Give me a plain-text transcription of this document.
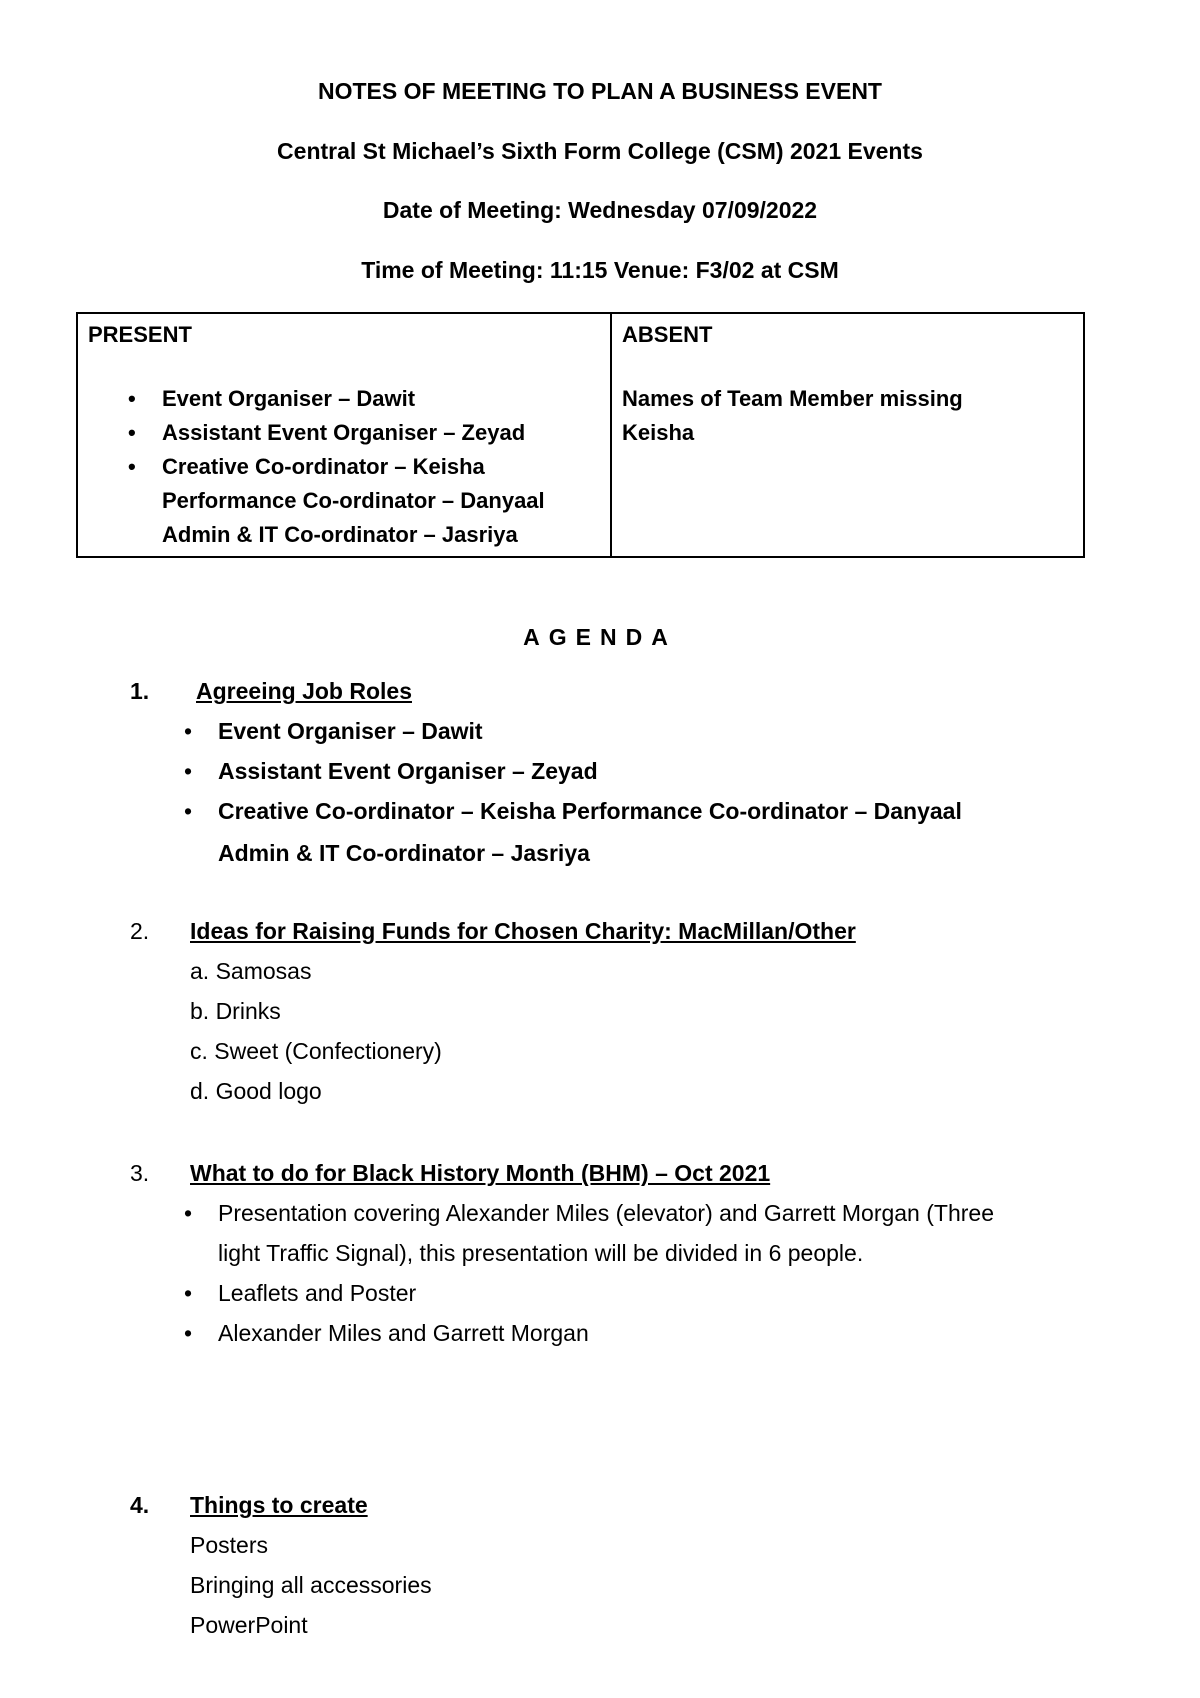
NOTES OF MEETING TO PLAN A BUSINESS EVENT
Central St Michael’s Sixth Form College (CSM) 2021 Events
Date of Meeting: Wednesday 07/09/2022
Time of Meeting: 11:15 Venue: F3/02 at CSM
PRESENT
• Event Organiser – Dawit
• Assistant Event Organiser – Zeyad
• Creative Co-ordinator – Keisha
Performance Co-ordinator – Danyaal
Admin & IT Co-ordinator – Jasriya

ABSENT
Names of Team Member missing
Keisha
AGENDA
1. Agreeing Job Roles
• Event Organiser – Dawit
• Assistant Event Organiser – Zeyad
• Creative Co-ordinator – Keisha Performance Co-ordinator – Danyaal
Admin & IT Co-ordinator – Jasriya
2. Ideas for Raising Funds for Chosen Charity: MacMillan/Other
a. Samosas
b. Drinks
c. Sweet (Confectionery)
d. Good logo
3. What to do for Black History Month (BHM) – Oct 2021
• Presentation covering Alexander Miles (elevator) and Garrett Morgan (Three
light Traffic Signal), this presentation will be divided in 6 people.
• Leaflets and Poster
• Alexander Miles and Garrett Morgan
4. Things to create
Posters
Bringing all accessories
PowerPoint
